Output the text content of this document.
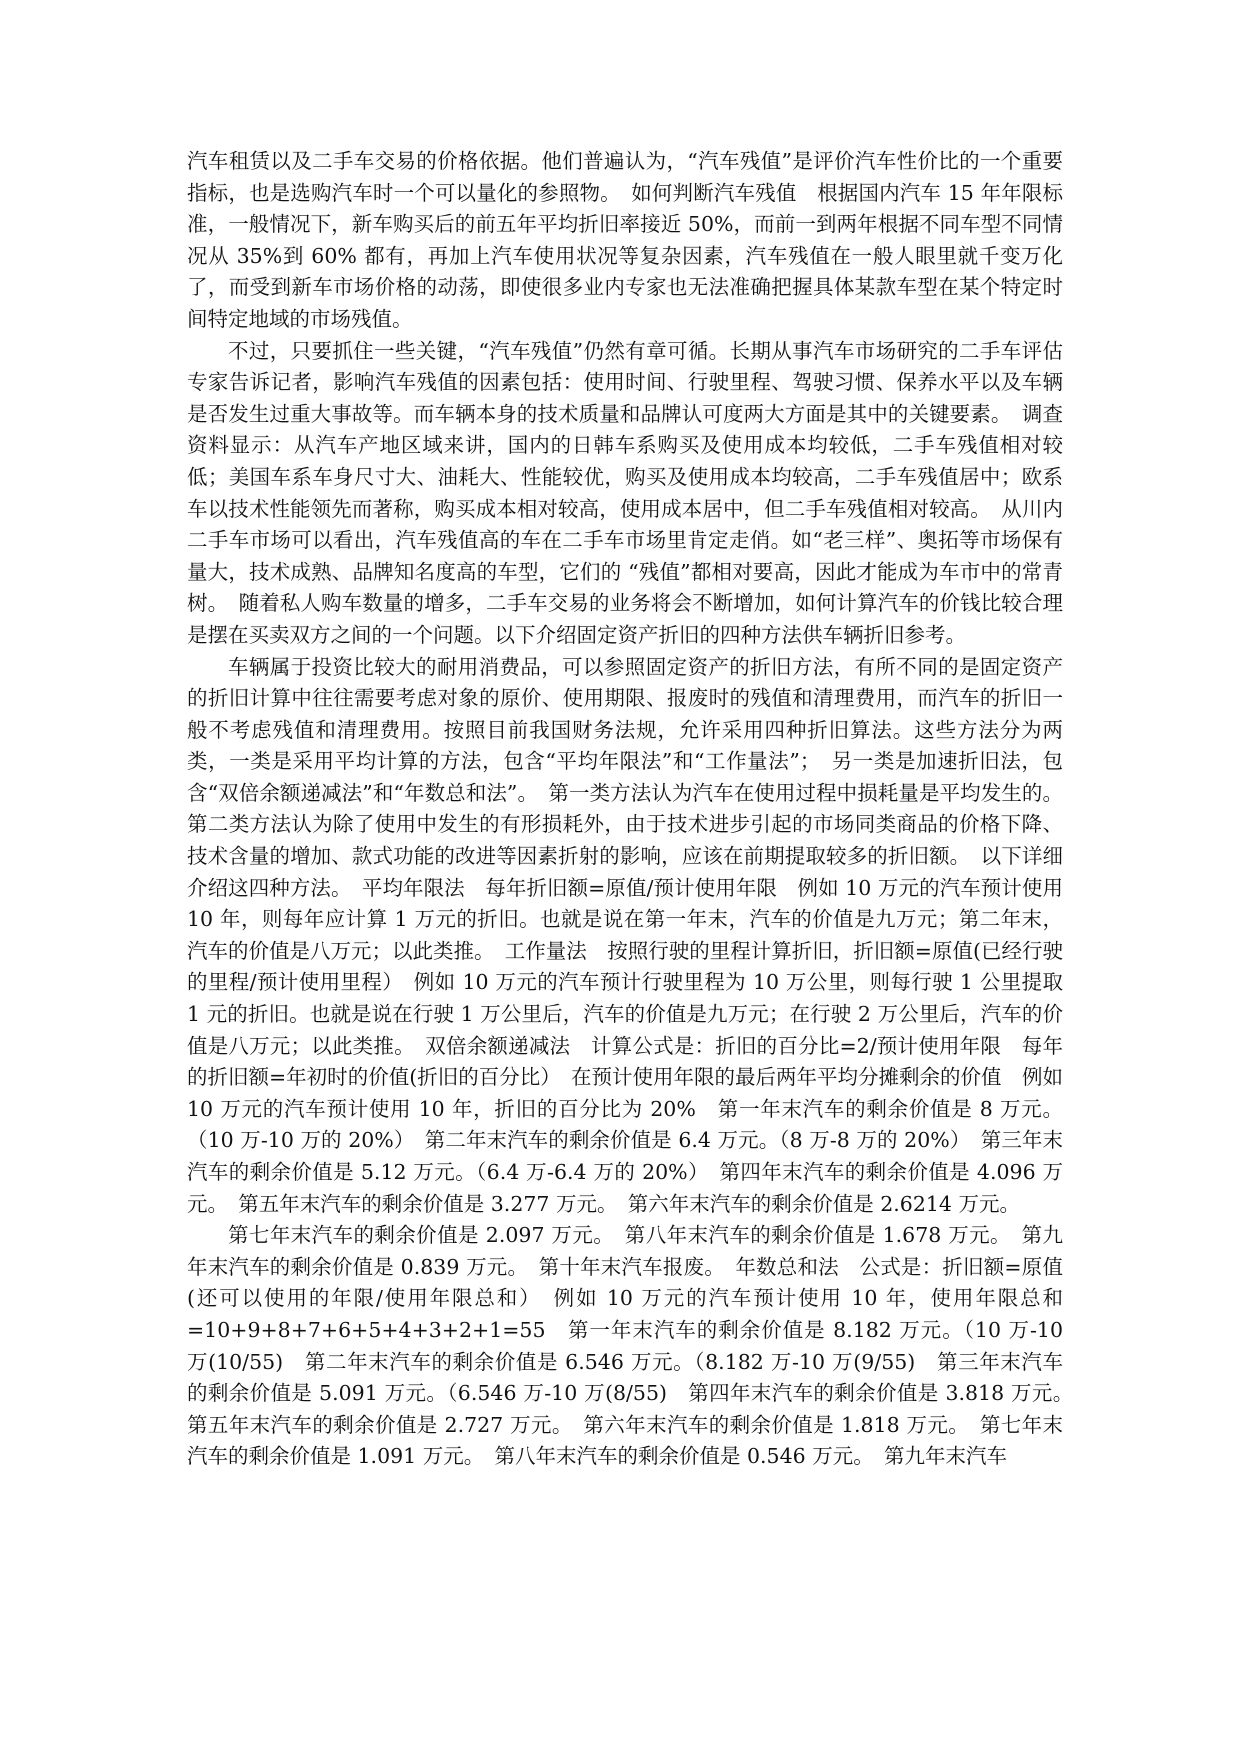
汽车租赁以及二手车交易的价格依据。他们普遍认为，“汽车残值”是评价汽车性价比的一个重要指标，也是选购汽车时一个可以量化的参照物。　如何判断汽车残值　根据国内汽车 15 年年限标准，一般情况下，新车购买后的前五年平均折旧率接近 50%，而前一到两年根据不同车型不同情况从 35%到 60% 都有，再加上汽车使用状况等复杂因素，汽车残值在一般人眼里就千变万化了，而受到新车市场价格的动荡，即使很多业内专家也无法准确把握具体某款车型在某个特定时间特定地域的市场残值。

不过，只要抓住一些关键，“汽车残值”仍然有章可循。长期从事汽车市场研究的二手车评估专家告诉记者，影响汽车残值的因素包括：使用时间、行驶里程、驾驶习惯、保养水平以及车辆是否发生过重大事故等。而车辆本身的技术质量和品牌认可度两大方面是其中的关键要素。　调查资料显示：从汽车产地区域来讲，国内的日韩车系购买及使用成本均较低，二手车残值相对较低；美国车系车身尺寸大、油耗大、性能较优，购买及使用成本均较高，二手车残值居中；欧系车以技术性能领先而著称，购买成本相对较高，使用成本居中，但二手车残值相对较高。　从川内二手车市场可以看出，汽车残值高的车在二手车市场里肯定走俏。如“老三样”、奥拓等市场保有量大，技术成熟、品牌知名度高的车型，它们的 “残值”都相对要高，因此才能成为车市中的常青树。　随着私人购车数量的增多，二手车交易的业务将会不断增加，如何计算汽车的价钱比较合理是摆在买卖双方之间的一个问题。以下介绍固定资产折旧的四种方法供车辆折旧参考。

车辆属于投资比较大的耐用消费品，可以参照固定资产的折旧方法，有所不同的是固定资产的折旧计算中往往需要考虑对象的原价、使用期限、报废时的残值和清理费用，而汽车的折旧一般不考虑残值和清理费用。按照目前我国财务法规，允许采用四种折旧算法。这些方法分为两类，一类是采用平均计算的方法，包含“平均年限法”和“工作量法”；　另一类是加速折旧法，包含“双倍余额递减法”和“年数总和法”。　第一类方法认为汽车在使用过程中损耗量是平均发生的。第二类方法认为除了使用中发生的有形损耗外，由于技术进步引起的市场同类商品的价格下降、技术含量的增加、款式功能的改进等因素折射的影响，应该在前期提取较多的折旧额。　以下详细介绍这四种方法。　平均年限法　每年折旧额=原值/预计使用年限　例如 10 万元的汽车预计使用 10 年，则每年应计算 1 万元的折旧。也就是说在第一年末，汽车的价值是九万元；第二年末，汽车的价值是八万元；以此类推。　工作量法　按照行驶的里程计算折旧，折旧额=原值(已经行驶的里程/预计使用里程）　例如 10 万元的汽车预计行驶里程为 10 万公里，则每行驶 1 公里提取 1 元的折旧。也就是说在行驶 1 万公里后，汽车的价值是九万元；在行驶 2 万公里后，汽车的价值是八万元；以此类推。　双倍余额递减法　计算公式是：折旧的百分比=2/预计使用年限　每年的折旧额=年初时的价值(折旧的百分比）　在预计使用年限的最后两年平均分摊剩余的价值　例如 10 万元的汽车预计使用 10 年，折旧的百分比为 20%　第一年末汽车的剩余价值是 8 万元。（10 万-10 万的 20%）　第二年末汽车的剩余价值是 6.4 万元。（8 万-8 万的 20%）　第三年末汽车的剩余价值是 5.12 万元。（6.4 万-6.4 万的 20%）　第四年末汽车的剩余价值是 4.096 万元。　第五年末汽车的剩余价值是 3.277 万元。　第六年末汽车的剩余价值是 2.6214 万元。

第七年末汽车的剩余价值是 2.097 万元。　第八年末汽车的剩余价值是 1.678 万元。　第九年末汽车的剩余价值是 0.839 万元。　第十年末汽车报废。　年数总和法　公式是：折旧额=原值(还可以使用的年限/使用年限总和）　例如 10 万元的汽车预计使用 10 年，使用年限总和=10+9+8+7+6+5+4+3+2+1=55　第一年末汽车的剩余价值是 8.182 万元。（10 万-10 万(10/55)　第二年末汽车的剩余价值是 6.546 万元。（8.182 万-10 万(9/55)　第三年末汽车的剩余价值是 5.091 万元。（6.546 万-10 万(8/55)　第四年末汽车的剩余价值是 3.818 万元。　第五年末汽车的剩余价值是 2.727 万元。　第六年末汽车的剩余价值是 1.818 万元。　第七年末汽车的剩余价值是 1.091 万元。　第八年末汽车的剩余价值是 0.546 万元。　第九年末汽车
